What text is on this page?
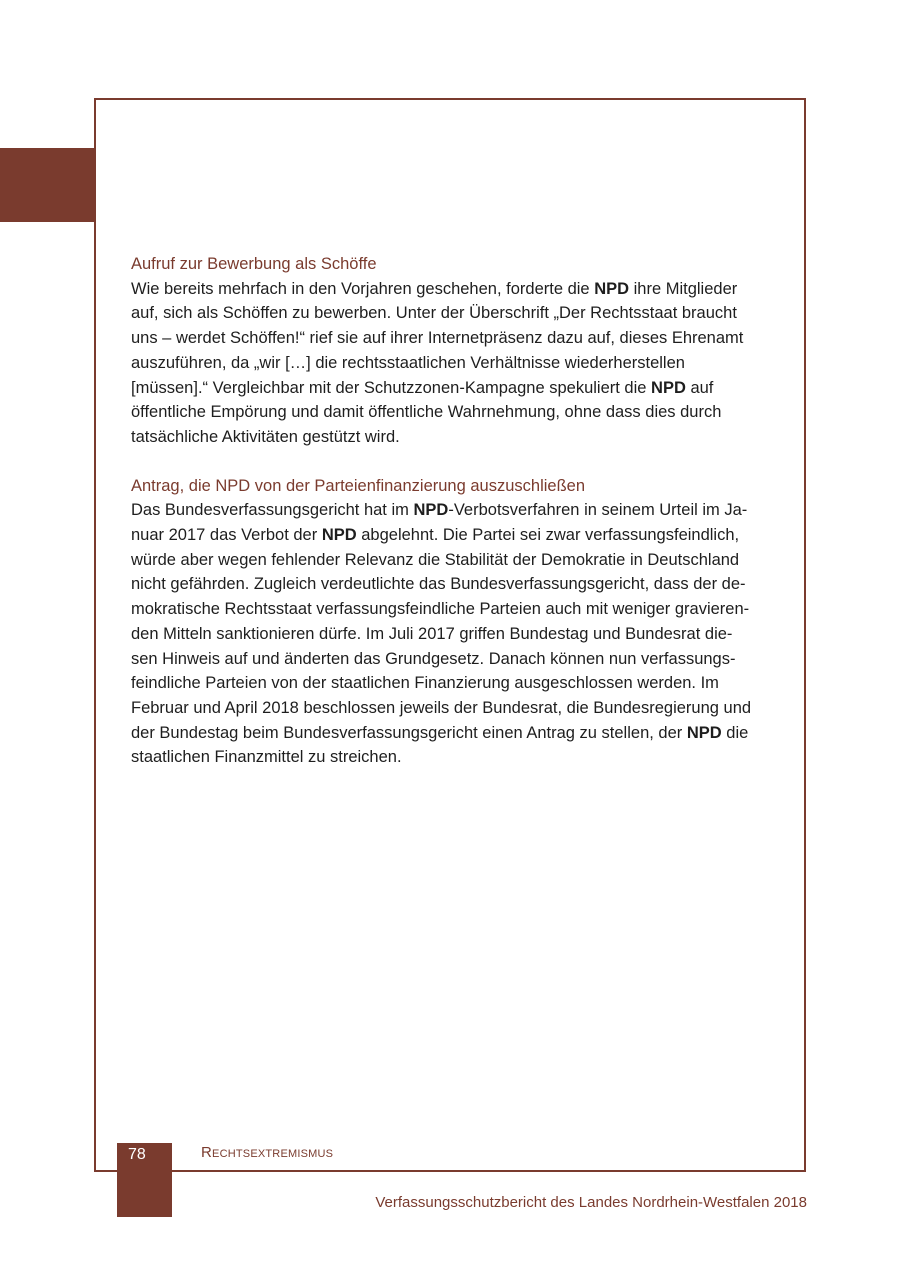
Aufruf zur Bewerbung als Schöffe

Wie bereits mehrfach in den Vorjahren geschehen, forderte die NPD ihre Mitglieder
auf, sich als Schöffen zu bewerben. Unter der Überschrift „Der Rechtsstaat braucht
uns – werdet Schöffen!“ rief sie auf ihrer Internetpräsenz dazu auf, dieses Ehrenamt
auszuführen, da „wir […] die rechtsstaatlichen Verhältnisse wiederherstellen
[müssen].“ Vergleichbar mit der Schutzzonen-Kampagne spekuliert die NPD auf
öffentliche Empörung und damit öffentliche Wahrnehmung, ohne dass dies durch
tatsächliche Aktivitäten gestützt wird.

Antrag, die NPD von der Parteienfinanzierung auszuschließen

Das Bundesverfassungsgericht hat im NPD-Verbotsverfahren in seinem Urteil im Ja-
nuar 2017 das Verbot der NPD abgelehnt. Die Partei sei zwar verfassungsfeindlich,
würde aber wegen fehlender Relevanz die Stabilität der Demokratie in Deutschland
nicht gefährden. Zugleich verdeutlichte das Bundesverfassungsgericht, dass der de-
mokratische Rechtsstaat verfassungsfeindliche Parteien auch mit weniger gravieren-
den Mitteln sanktionieren dürfe. Im Juli 2017 griffen Bundestag und Bundesrat die-
sen Hinweis auf und änderten das Grundgesetz. Danach können nun verfassungs-
feindliche Parteien von der staatlichen Finanzierung ausgeschlossen werden. Im
Februar und April 2018 beschlossen jeweils der Bundesrat, die Bundesregierung und
der Bundestag beim Bundesverfassungsgericht einen Antrag zu stellen, der NPD die
staatlichen Finanzmittel zu streichen.

78	Rechtsextremismus
Verfassungsschutzbericht des Landes Nordrhein-Westfalen 2018
